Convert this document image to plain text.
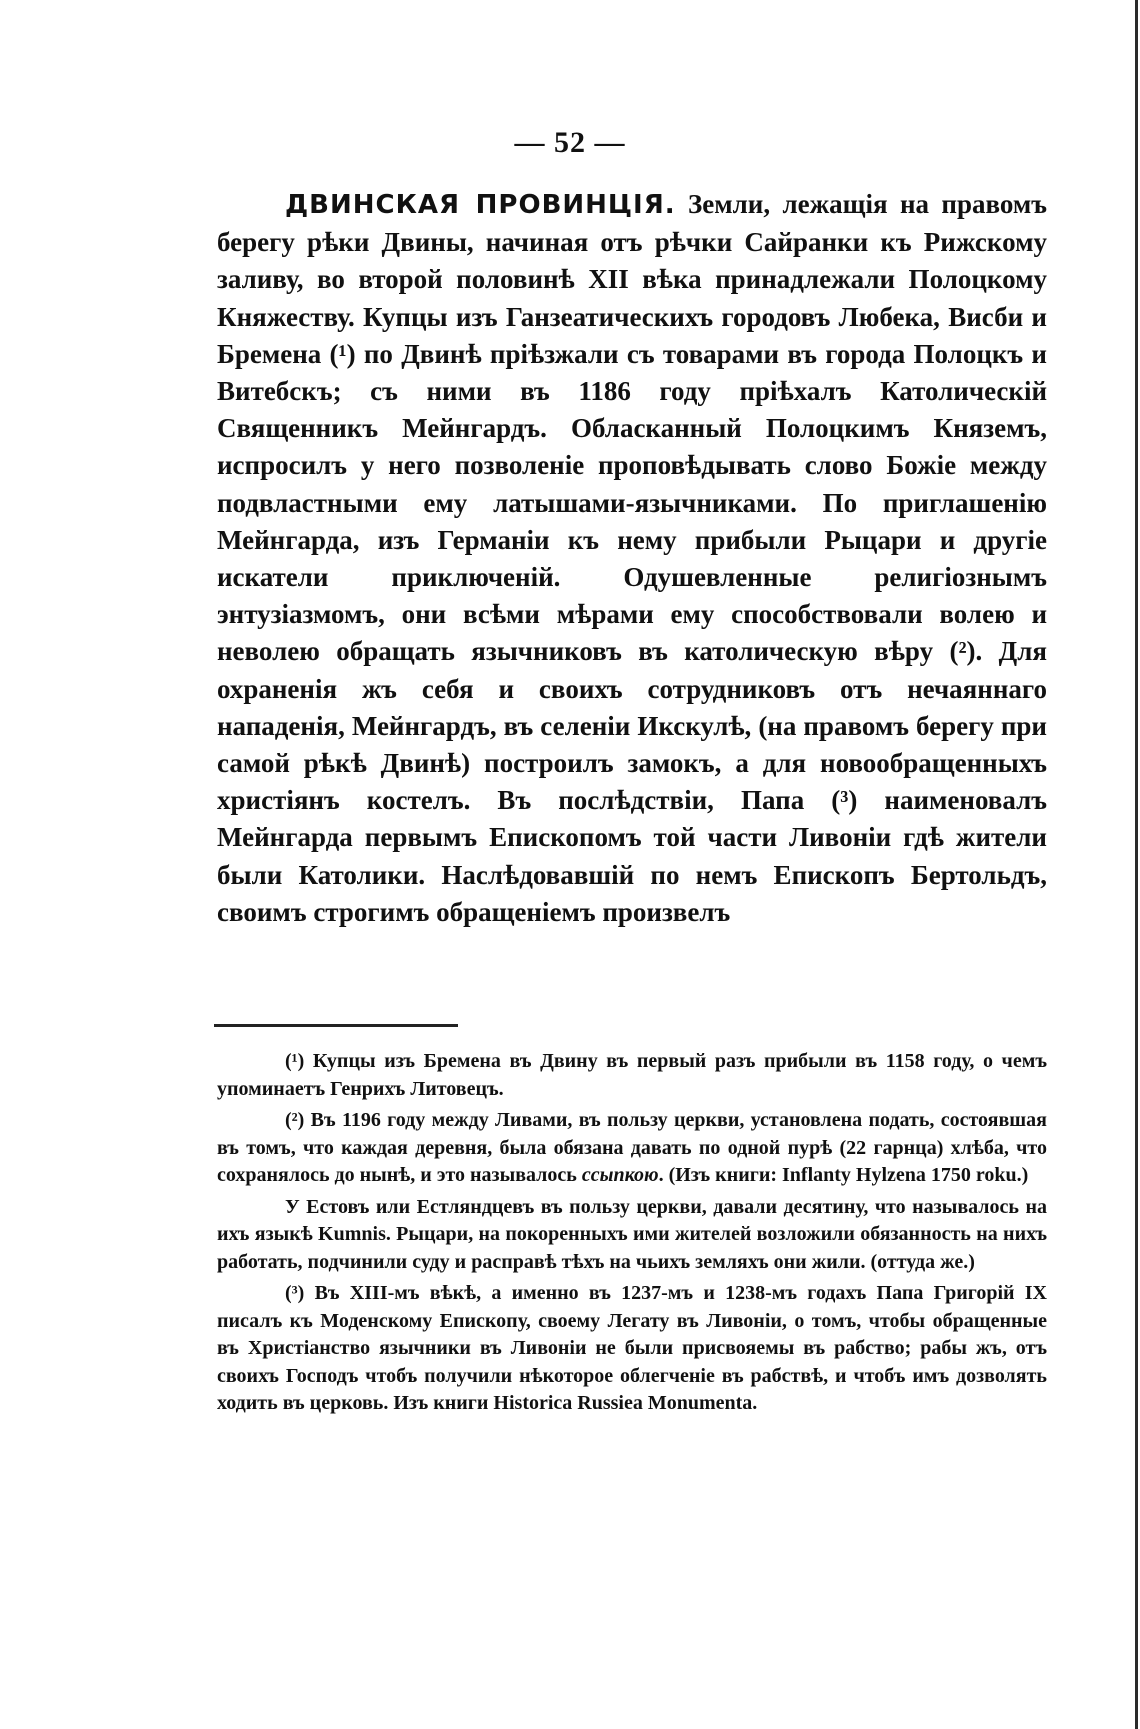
— 52 —

ДВИНСКАЯ ПРОВИНЦІЯ. Земли, лежащія на правомъ берегу рѣки Двины, начиная отъ рѣчки Сайранки къ Рижскому заливу, во второй половинѣ XII вѣка принадлежали Полоцкому Княжеству. Купцы изъ Ганзеатическихъ городовъ Любека, Висби и Бремена (¹) по Двинѣ пріѣзжали съ товарами въ города Полоцкъ и Витебскъ; съ ними въ 1186 году пріѣхалъ Католическій Священникъ Мейнгардъ. Обласканный Полоцкимъ Княземъ, испросилъ у него позволеніе проповѣдывать слово Божіе между подвластными ему латышами-язычниками. По приглашенію Мейнгарда, изъ Германіи къ нему прибыли Рыцари и другіе искатели приключеній. Одушевленные религіознымъ энтузіазмомъ, они всѣми мѣрами ему способствовали волею и неволею обращать язычниковъ въ католическую вѣру (²). Для охраненія жъ себя и своихъ сотрудниковъ отъ нечаяннаго нападенія, Мейнгардъ, въ селеніи Икскулѣ, (на правомъ берегу при самой рѣкѣ Двинѣ) построилъ замокъ, а для новообращенныхъ христіянъ костелъ. Въ послѣдствіи, Папа (³) наименовалъ Мейнгарда первымъ Епископомъ той части Ливоніи гдѣ жители были Католики. Наслѣдовавшій по немъ Епископъ Бертольдъ, своимъ строгимъ обращеніемъ произвелъ

(¹) Купцы изъ Бремена въ Двину въ первый разъ прибыли въ 1158 году, о чемъ упоминаетъ Генрихъ Литовецъ.

(²) Въ 1196 году между Ливами, въ пользу церкви, установлена подать, состоявшая въ томъ, что каждая деревня, была обязана давать по одной пурѣ (22 гарнца) хлѣба, что сохранялось до нынѣ, и это называлось ссыпкою. (Изъ книги: Inflanty Hylzena 1750 roku.)

У Естовъ или Естляндцевъ въ пользу церкви, давали десятину, что называлось на ихъ языкѣ Kumnis. Рыцари, на покоренныхъ ими жителей возложили обязанность на нихъ работать, подчинили суду и расправѣ тѣхъ на чьихъ земляхъ они жили. (оттуда же.)

(³) Въ XIII-мъ вѣкѣ, а именно въ 1237-мъ и 1238-мъ годахъ Папа Григорій IX писалъ къ Моденскому Епископу, своему Легату въ Ливоніи, о томъ, чтобы обращенные въ Христіанство язычники въ Ливоніи не были присвояемы въ рабство; рабы жъ, отъ своихъ Господъ чтобъ получили нѣкоторое облегченіе въ рабствѣ, и чтобъ имъ дозволять ходить въ церковь. Изъ книги Historica Russiea Monumenta.
